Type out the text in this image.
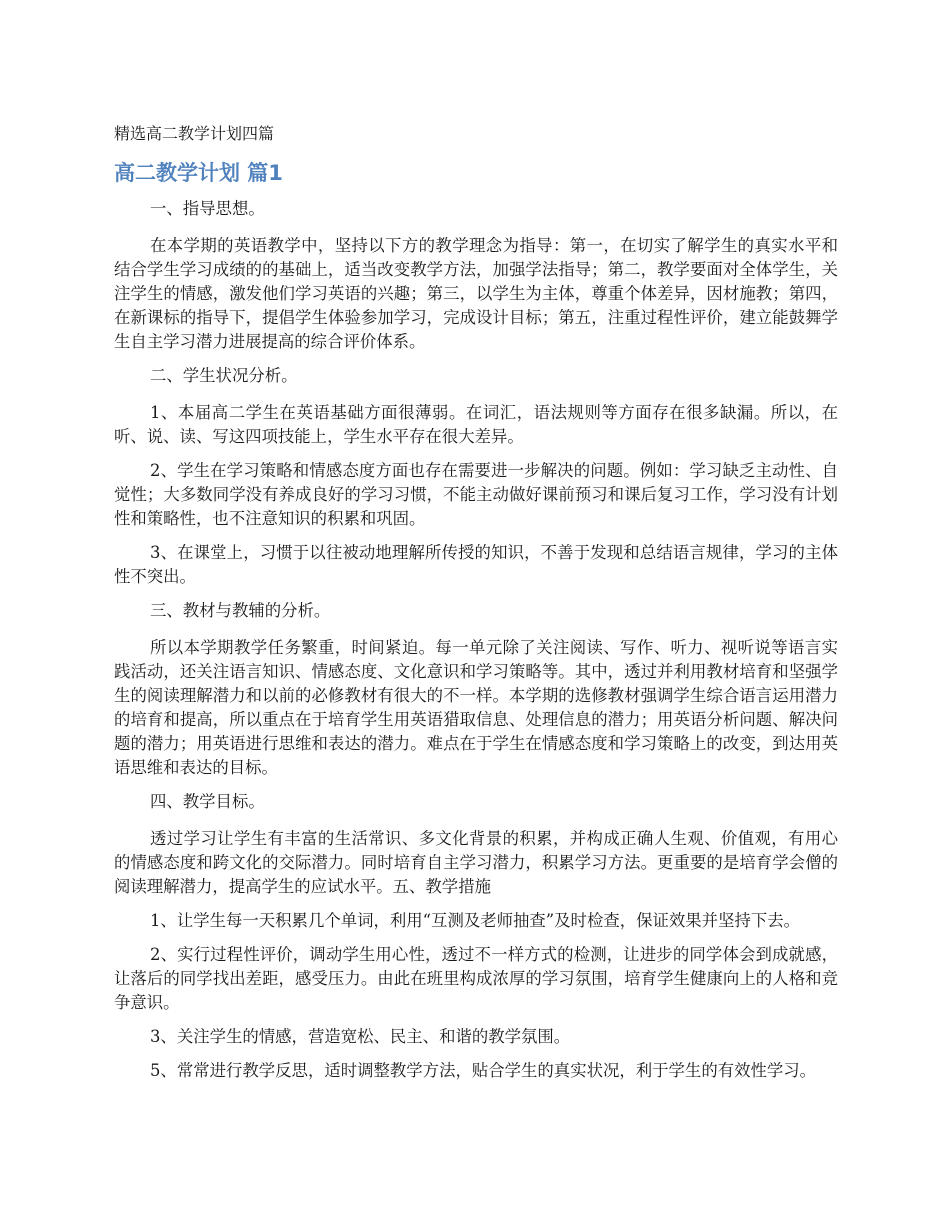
精选高二教学计划四篇
高二教学计划 篇1

一、指导思想。

在本学期的英语教学中，坚持以下方的教学理念为指导：第一，在切实了解学生的真实水平和结合学生学习成绩的的基础上，适当改变教学方法，加强学法指导；第二，教学要面对全体学生，关注学生的情感，激发他们学习英语的兴趣；第三，以学生为主体，尊重个体差异，因材施教；第四，在新课标的指导下，提倡学生体验参加学习，完成设计目标；第五，注重过程性评价，建立能鼓舞学生自主学习潜力进展提高的综合评价体系。

二、学生状况分析。

1、本届高二学生在英语基础方面很薄弱。在词汇，语法规则等方面存在很多缺漏。所以，在听、说、读、写这四项技能上，学生水平存在很大差异。

2、学生在学习策略和情感态度方面也存在需要进一步解决的问题。例如：学习缺乏主动性、自觉性；大多数同学没有养成良好的学习习惯，不能主动做好课前预习和课后复习工作，学习没有计划性和策略性，也不注意知识的积累和巩固。

3、在课堂上，习惯于以往被动地理解所传授的知识，不善于发现和总结语言规律，学习的主体性不突出。

三、教材与教辅的分析。

所以本学期教学任务繁重，时间紧迫。每一单元除了关注阅读、写作、听力、视听说等语言实践活动，还关注语言知识、情感态度、文化意识和学习策略等。其中，透过并利用教材培育和坚强学生的阅读理解潜力和以前的必修教材有很大的不一样。本学期的选修教材强调学生综合语言运用潜力的培育和提高，所以重点在于培育学生用英语猎取信息、处理信息的潜力；用英语分析问题、解决问题的潜力；用英语进行思维和表达的潜力。难点在于学生在情感态度和学习策略上的改变，到达用英语思维和表达的目标。

四、教学目标。

透过学习让学生有丰富的生活常识、多文化背景的积累，并构成正确人生观、价值观，有用心的情感态度和跨文化的交际潜力。同时培育自主学习潜力，积累学习方法。更重要的是培育学会僧的阅读理解潜力，提高学生的应试水平。五、教学措施

1、让学生每一天积累几个单词，利用“互测及老师抽查”及时检查，保证效果并坚持下去。

2、实行过程性评价，调动学生用心性，透过不一样方式的检测，让进步的同学体会到成就感，让落后的同学找出差距，感受压力。由此在班里构成浓厚的学习氛围，培育学生健康向上的人格和竞争意识。

3、关注学生的情感，营造宽松、民主、和谐的教学氛围。

5、常常进行教学反思，适时调整教学方法，贴合学生的真实状况，利于学生的有效性学习。
